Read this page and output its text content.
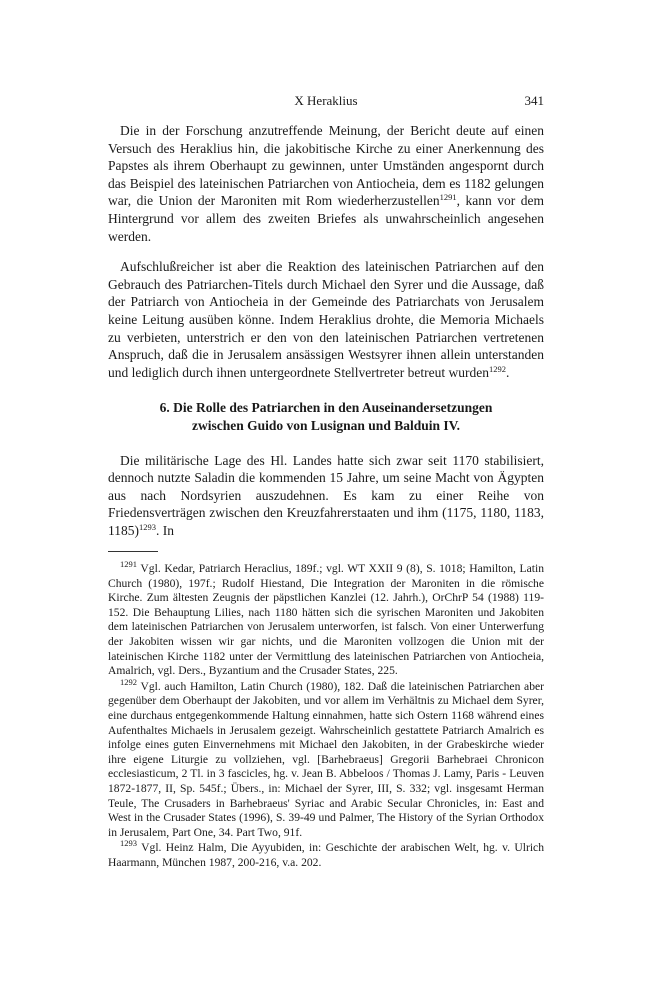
X Heraklius	341

Die in der Forschung anzutreffende Meinung, der Bericht deute auf einen Versuch des Heraklius hin, die jakobitische Kirche zu einer Anerkennung des Papstes als ihrem Oberhaupt zu gewinnen, unter Umständen angespornt durch das Beispiel des lateinischen Patriarchen von Antiocheia, dem es 1182 gelungen war, die Union der Maroniten mit Rom wiederherzustellen$^{1291}$, kann vor dem Hintergrund vor allem des zweiten Briefes als unwahrscheinlich angesehen werden.

Aufschlußreicher ist aber die Reaktion des lateinischen Patriarchen auf den Gebrauch des Patriarchen-Titels durch Michael den Syrer und die Aussage, daß der Patriarch von Antiocheia in der Gemeinde des Patriarchats von Jerusalem keine Leitung ausüben könne. Indem Heraklius drohte, die Memoria Michaels zu verbieten, unterstrich er den von den lateinischen Patriarchen vertretenen Anspruch, daß die in Jerusalem ansässigen Westsyrer ihnen allein unterstanden und lediglich durch ihnen untergeordnete Stellvertreter betreut wurden$^{1292}$.

6. Die Rolle des Patriarchen in den Auseinandersetzungen
zwischen Guido von Lusignan und Balduin IV.

Die militärische Lage des Hl. Landes hatte sich zwar seit 1170 stabilisiert, dennoch nutzte Saladin die kommenden 15 Jahre, um seine Macht von Ägypten aus nach Nordsyrien auszudehnen. Es kam zu einer Reihe von Friedensverträgen zwischen den Kreuzfahrerstaaten und ihm (1175, 1180, 1183, 1185)$^{1293}$. In

$^{1291}$ Vgl. Kedar, Patriarch Heraclius, 189f.; vgl. WT XXII 9 (8), S. 1018; Hamilton, Latin Church (1980), 197f.; Rudolf Hiestand, Die Integration der Maroniten in die römische Kirche. Zum ältesten Zeugnis der päpstlichen Kanzlei (12. Jahrh.), OrChrP 54 (1988) 119-152. Die Behauptung Lilies, nach 1180 hätten sich die syrischen Maroniten und Jakobiten dem lateinischen Patriarchen von Jerusalem unterworfen, ist falsch. Von einer Unterwerfung der Jakobiten wissen wir gar nichts, und die Maroniten vollzogen die Union mit der lateinischen Kirche 1182 unter der Vermittlung des lateinischen Patriarchen von Antiocheia, Amalrich, vgl. Ders., Byzantium and the Crusader States, 225.

$^{1292}$ Vgl. auch Hamilton, Latin Church (1980), 182. Daß die lateinischen Patriarchen aber gegenüber dem Oberhaupt der Jakobiten, und vor allem im Verhältnis zu Michael dem Syrer, eine durchaus entgegenkommende Haltung einnahmen, hatte sich Ostern 1168 während eines Aufenthaltes Michaels in Jerusalem gezeigt. Wahrscheinlich gestattete Patriarch Amalrich es infolge eines guten Einvernehmens mit Michael den Jakobiten, in der Grabeskirche wieder ihre eigene Liturgie zu vollziehen, vgl. [Barhebraeus] Gregorii Barhebraei Chronicon ecclesiasticum, 2 Tl. in 3 fascicles, hg. v. Jean B. Abbeloos / Thomas J. Lamy, Paris - Leuven 1872-1877, II, Sp. 545f.; Übers., in: Michael der Syrer, III, S. 332; vgl. insgesamt Herman Teule, The Crusaders in Barhebraeus' Syriac and Arabic Secular Chronicles, in: East and West in the Crusader States (1996), S. 39-49 und Palmer, The History of the Syrian Orthodox in Jerusalem, Part One, 34. Part Two, 91f.

$^{1293}$ Vgl. Heinz Halm, Die Ayyubiden, in: Geschichte der arabischen Welt, hg. v. Ulrich Haarmann, München 1987, 200-216, v.a. 202.
